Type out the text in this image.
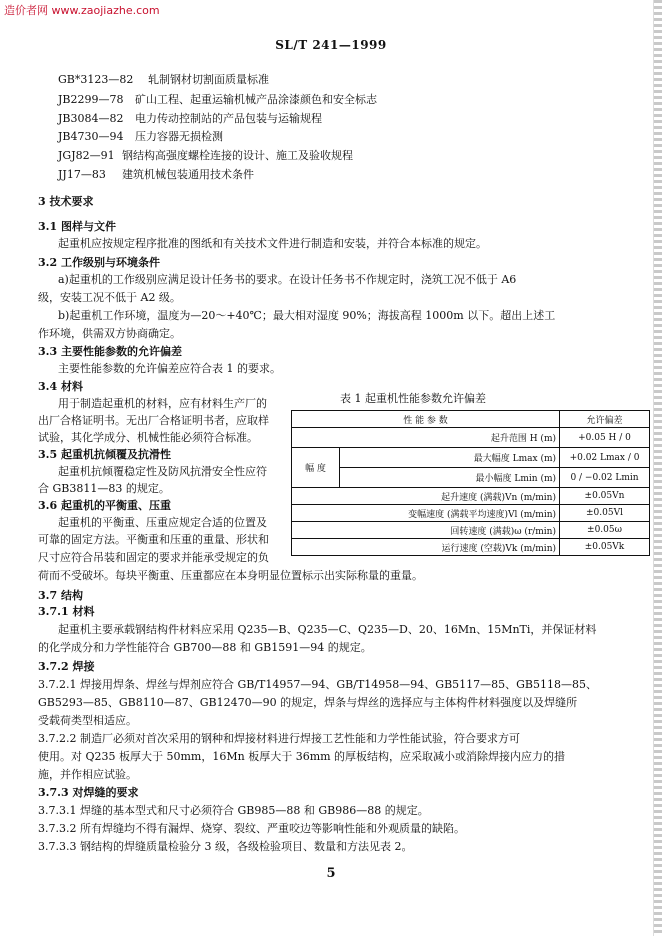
造价者网 www.zaojiazhe.com
SL/T 241—1999
GB*3123—82 轧制钢材切割面质量标准
JB2299—78 矿山工程、起重运输机械产品涂漆颜色和安全标志
JB3084—82 电力传动控制站的产品包装与运输规程
JB4730—94 压力容器无损检测
JGJ82—91 钢结构高强度螺栓连接的设计、施工及验收规程
JJ17—83 建筑机械包装通用技术条件
3 技术要求
3.1 图样与文件
起重机应按规定程序批准的图纸和有关技术文件进行制造和安装，并符合本标准的规定。
3.2 工作级别与环境条件
a)起重机的工作级别应满足设计任务书的要求。在设计任务书不作规定时，浇筑工况不低于 A6
级，安装工况不低于 A2 级。
b)起重机工作环境，温度为—20～+40℃；最大相对湿度 90%；海拔高程 1000m 以下。超出上述工
作环境，供需双方协商确定。
3.3 主要性能参数的允许偏差
主要性能参数的允许偏差应符合表 1 的要求。
3.4 材料
用于制造起重机的材料，应有材料生产厂的
出厂合格证明书。无出厂合格证明书者，应取样
试验，其化学成分、机械性能必须符合标准。
3.5 起重机抗倾覆及抗滑性
起重机抗倾覆稳定性及防风抗滑安全性应符
合 GB3811—83 的规定。
3.6 起重机的平衡重、压重
起重机的平衡重、压重应规定合适的位置及
可靠的固定方法。平衡重和压重的重量、形状和
尺寸应符合吊装和固定的要求并能承受规定的负
荷而不受破坏。每块平衡重、压重都应在本身明显位置标示出实际称量的重量。
3.7 结构
3.7.1 材料
起重机主要承载钢结构件材料应采用 Q235—B、Q235—C、Q235—D、20、16Mn、15MnTi，并保证材料
的化学成分和力学性能符合 GB700—88 和 GB1591—94 的规定。
3.7.2 焊接
3.7.2.1 焊接用焊条、焊丝与焊剂应符合 GB/T14957—94、GB/T14958—94、GB5117—85、GB5118—85、
GB5293—85、GB8110—87、GB12470—90 的规定，焊条与焊丝的选择应与主体构件材料强度以及焊缝所
受载荷类型相适应。
3.7.2.2 制造厂必须对首次采用的钢种和焊接材料进行焊接工艺性能和力学性能试验，符合要求方可
使用。对 Q235 板厚大于 50mm，16Mn 板厚大于 36mm 的厚板结构，应采取减小或消除焊接内应力的措
施，并作相应试验。
3.7.3 对焊缝的要求
3.7.3.1 焊缝的基本型式和尺寸必须符合 GB985—88 和 GB986—88 的规定。
3.7.3.2 所有焊缝均不得有漏焊、烧穿、裂纹、严重咬边等影响性能和外观质量的缺陷。
3.7.3.3 钢结构的焊缝质量检验分 3 级，各级检验项目、数量和方法见表 2。
表 1 起重机性能参数允许偏差
性 能 参 数		允许偏差
起升范围 H (m)		+0.05 H / 0
幅 度	最大幅度 Lmax (m)	+0.02 Lmax / 0
	最小幅度 Lmin (m)	0 / −0.02 Lmin
起升速度 (满载)Vn (m/min)		±0.05Vn
变幅速度 (满载平均速度)Vl (m/min)		±0.05Vl
回转速度 (满载)ω (r/min)		±0.05ω
运行速度 (空载)Vk (m/min)		±0.05Vk
5
